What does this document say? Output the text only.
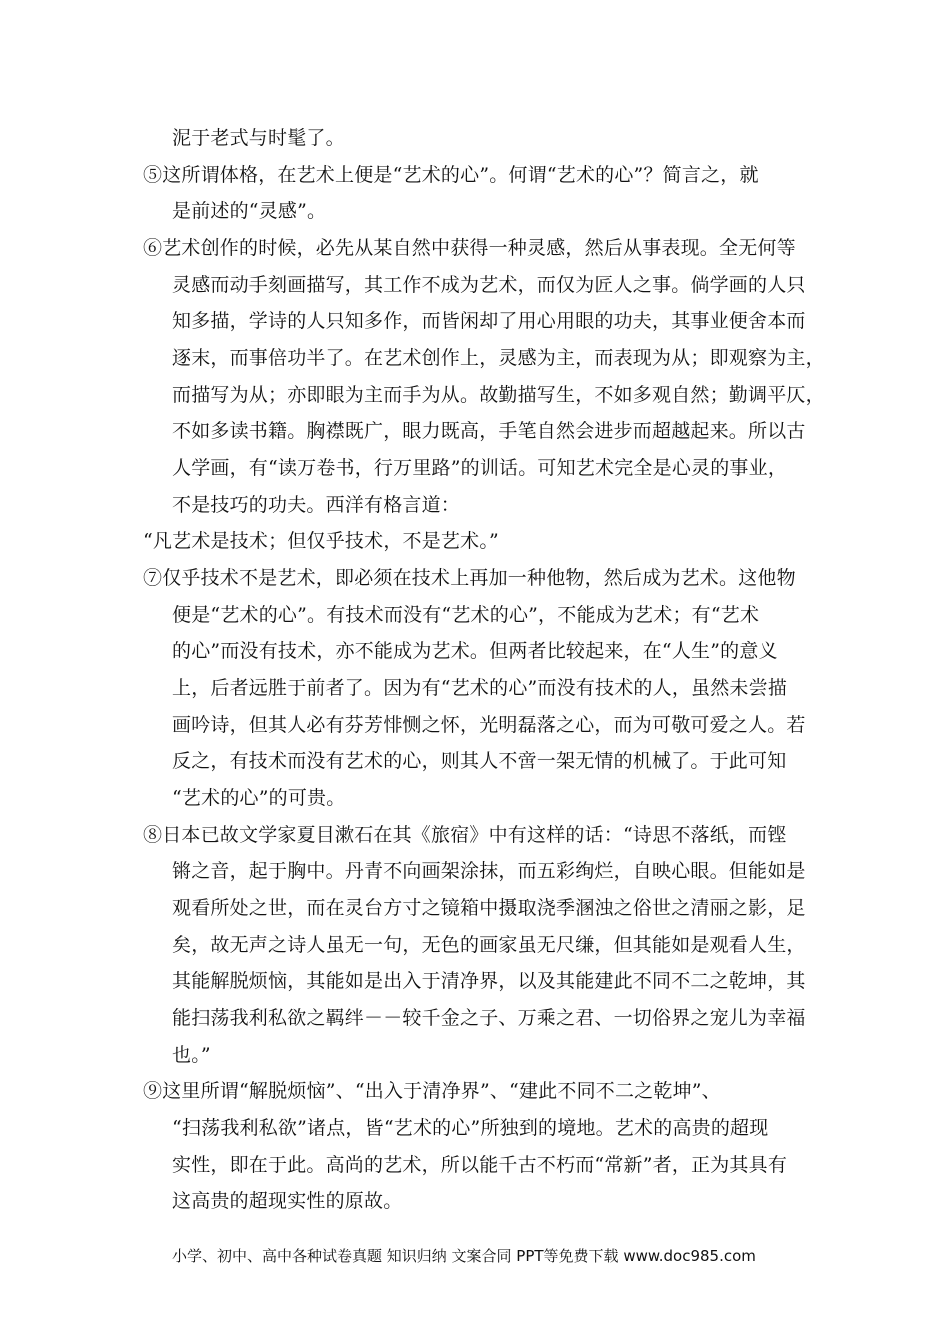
泥于老式与时髦了。
⑤这所谓体格，在艺术上便是“艺术的心”。何谓“艺术的心”？简言之，就
是前述的“灵感”。
⑥艺术创作的时候，必先从某自然中获得一种灵感，然后从事表现。全无何等
灵感而动手刻画描写，其工作不成为艺术，而仅为匠人之事。倘学画的人只
知多描，学诗的人只知多作，而皆闲却了用心用眼的功夫，其事业便舍本而
逐末，而事倍功半了。在艺术创作上，灵感为主，而表现为从；即观察为主，
而描写为从；亦即眼为主而手为从。故勤描写生，不如多观自然；勤调平仄，
不如多读书籍。胸襟既广，眼力既高，手笔自然会进步而超越起来。所以古
人学画，有“读万卷书，行万里路”的训话。可知艺术完全是心灵的事业，
不是技巧的功夫。西洋有格言道：
“凡艺术是技术；但仅乎技术，不是艺术。”
⑦仅乎技术不是艺术，即必须在技术上再加一种他物，然后成为艺术。这他物
便是“艺术的心”。有技术而没有“艺术的心”，不能成为艺术；有“艺术
的心”而没有技术，亦不能成为艺术。但两者比较起来，在“人生”的意义
上，后者远胜于前者了。因为有“艺术的心”而没有技术的人，虽然未尝描
画吟诗，但其人必有芬芳悱恻之怀，光明磊落之心，而为可敬可爱之人。若
反之，有技术而没有艺术的心，则其人不啻一架无情的机械了。于此可知
“艺术的心”的可贵。
⑧日本已故文学家夏目漱石在其《旅宿》中有这样的话：“诗思不落纸，而铿
锵之音，起于胸中。丹青不向画架涂抹，而五彩绚烂，自映心眼。但能如是
观看所处之世，而在灵台方寸之镜箱中摄取浇季溷浊之俗世之清丽之影，足
矣，故无声之诗人虽无一句，无色的画家虽无尺缣，但其能如是观看人生，
其能解脱烦恼，其能如是出入于清净界，以及其能建此不同不二之乾坤，其
能扫荡我利私欲之羁绊－－较千金之子、万乘之君、一切俗界之宠儿为幸福
也。”
⑨这里所谓“解脱烦恼”、“出入于清净界”、“建此不同不二之乾坤”、
“扫荡我利私欲”诸点，皆“艺术的心”所独到的境地。艺术的高贵的超现
实性，即在于此。高尚的艺术，所以能千古不朽而“常新”者，正为其具有
这高贵的超现实性的原故。
小学、初中、高中各种试卷真题 知识归纳 文案合同 PPT等免费下载 www.doc985.com
